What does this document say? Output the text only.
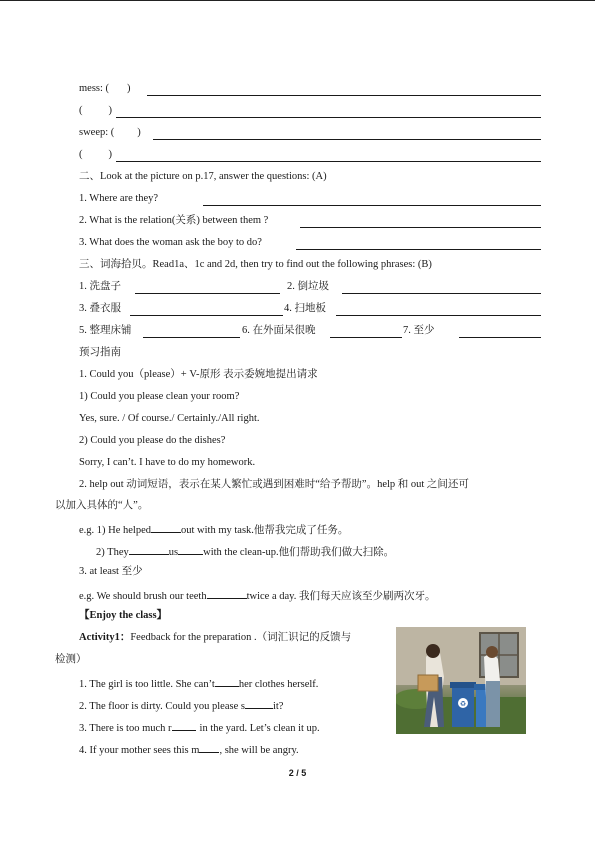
mess: ( )
( )
sweep: ( )
( )
二、Look at the picture on p.17, answer the questions: (A)
1. Where are they?
2. What is the relation(关系) between them ?
3. What does the woman ask the boy to do?
三、词海拾贝。Read1a、1c and 2d, then try to find out the following phrases: (B)
1. 洗盘子	2. 倒垃圾
3. 叠衣服	4. 扫地板
5. 整理床铺	6. 在外面呆很晚	7. 至少
预习指南
1. Could you（please）+ V-原形 表示委婉地提出请求
1) Could you please clean your room?
Yes, sure. / Of course./ Certainly./All right.
2) Could you please do the dishes?
Sorry, I can’t. I have to do my homework.
2. help out 动词短语，表示在某人繁忙或遇到困难时“给予帮助”。help 和 out 之间还可
以加入具体的“人”。
e.g. 1) He helped	out with my task.他帮我完成了任务。
2) They	us with the clean-up.他们帮助我们做大扫除。
3. at least 至少
e.g. We should brush our teeth	twice a day. 我们每天应该至少刷两次牙。
【Enjoy the class】
Activity1：Feedback for the preparation .（词汇识记的反馈与
检测）
1. The girl is too little. She can’t her clothes herself.
2. The floor is dirty. Could you please s	it?
3. There is too much r	in the yard. Let’s clean it up.
4. If your mother sees this m , she will be angry.
♻
2 / 5
